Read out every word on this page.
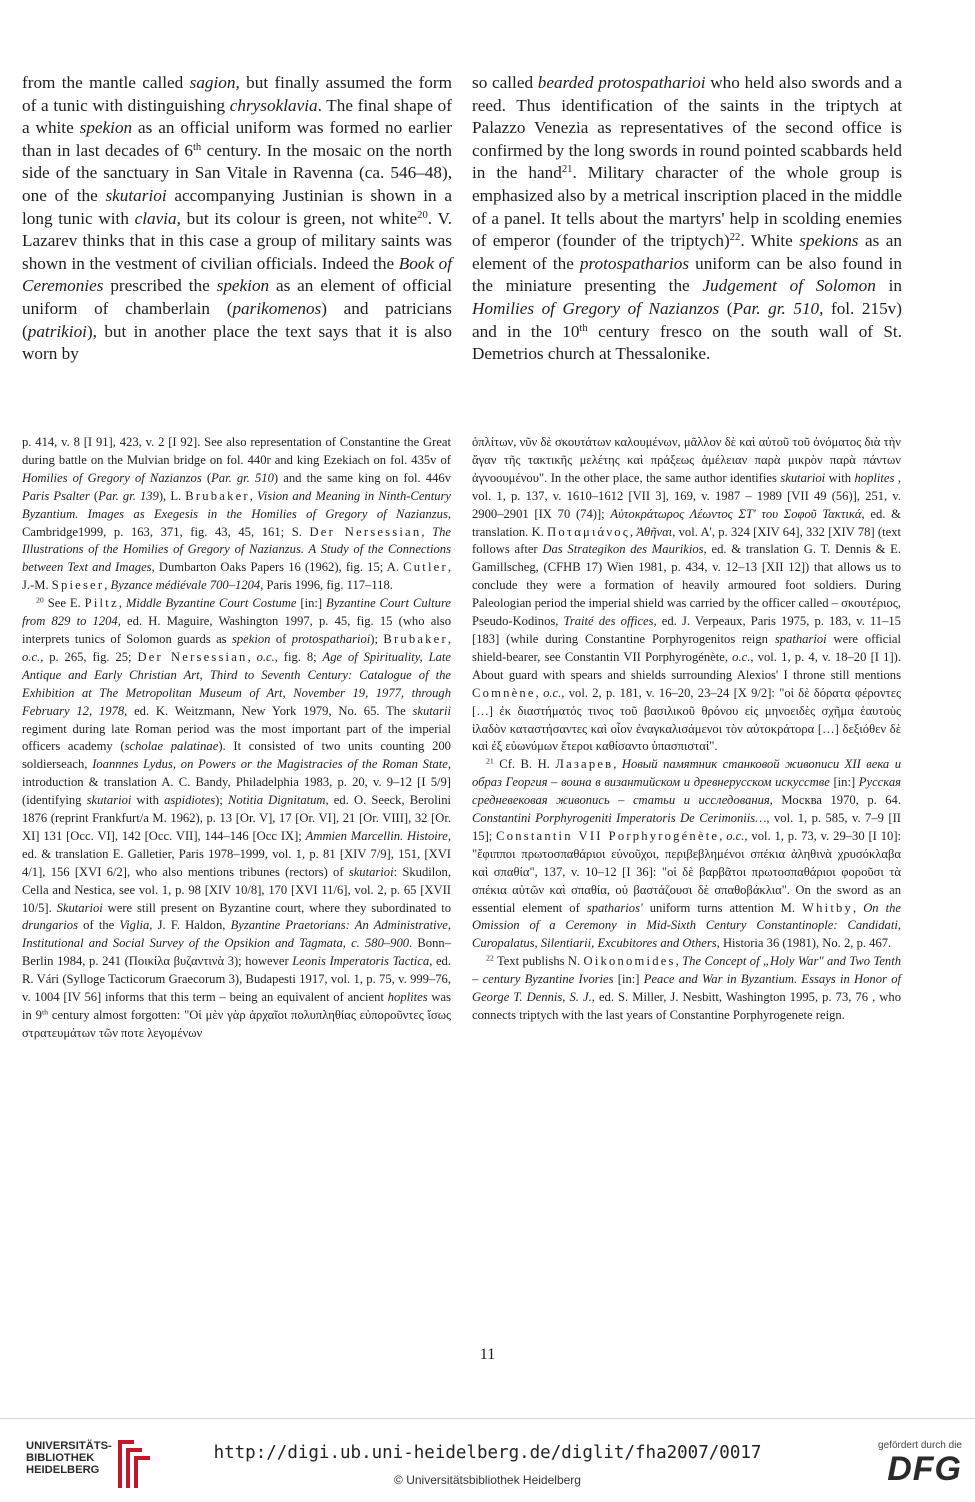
from the mantle called sagion, but finally assumed the form of a tunic with distinguishing chrysoklavia. The final shape of a white spekion as an official uniform was formed no earlier than in last decades of 6th century. In the mosaic on the north side of the sanctuary in San Vitale in Ravenna (ca. 546–48), one of the skutarioi accompanying Justinian is shown in a long tunic with clavia, but its colour is green, not white$^{20}$. V. Lazarev thinks that in this case a group of military saints was shown in the vestment of civilian officials. Indeed the Book of Ceremonies prescribed the spekion as an element of official uniform of chamberlain (parikomenos) and patricians (patrikioi), but in another place the text says that it is also worn by

so called bearded protospatharioi who held also swords and a reed. Thus identification of the saints in the triptych at Palazzo Venezia as representatives of the second office is confirmed by the long swords in round pointed scabbards held in the hand$^{21}$. Military character of the whole group is emphasized also by a metrical inscription placed in the middle of a panel. It tells about the martyrs' help in scolding enemies of emperor (founder of the triptych)$^{22}$. White spekions as an element of the protospatharios uniform can be also found in the miniature presenting the Judgement of Solomon in Homilies of Gregory of Nazianzos (Par. gr. 510, fol. 215v) and in the 10th century fresco on the south wall of St. Demetrios church at Thessalonike.

p. 414, v. 8 [I 91], 423, v. 2 [I 92]. See also representation of Constantine the Great during battle on the Mulvian bridge on fol. 440r and king Ezekiach on fol. 435v of Homilies of Gregory of Nazianzos (Par. gr. 510) and the same king on fol. 446v Paris Psalter (Par. gr. 139), L. Brubaker, Vision and Meaning in Ninth-Century Byzantium. Images as Exegesis in the Homilies of Gregory of Nazianzus, Cambridge1999, p. 163, 371, fig. 43, 45, 161; S. Der Nersessian, The Illustrations of the Homilies of Gregory of Nazianzus. A Study of the Connections between Text and Images, Dumbarton Oaks Papers 16 (1962), fig. 15; A. Cutler, J.-M. Spieser, Byzance médiévale 700–1204, Paris 1996, fig. 117–118.

$^{20}$ See E. Piltz, Middle Byzantine Court Costume [in:] Byzantine Court Culture from 829 to 1204, ed. H. Maguire, Washington 1997, p. 45, fig. 15 (who also interprets tunics of Solomon guards as spekion of protospatharioi); Brubaker, o.c., p. 265, fig. 25; Der Nersessian, o.c., fig. 8; Age of Spirituality, Late Antique and Early Christian Art, Third to Seventh Century: Catalogue of the Exhibition at The Metropolitan Museum of Art, November 19, 1977, through February 12, 1978, ed. K. Weitzmann, New York 1979, No. 65. The skutarii regiment during late Roman period was the most important part of the imperial officers academy (scholae palatinae). It consisted of two units counting 200 soldierseach, Ioannnes Lydus, on Powers or the Magistracies of the Roman State, introduction & translation A. C. Bandy, Philadelphia 1983, p. 20, v. 9–12 [I 5/9] (identifying skutarioi with aspidiotes); Notitia Dignitatum, ed. O. Seeck, Berolini 1876 (reprint Frankfurt/a M. 1962), p. 13 [Or. V], 17 [Or. VI], 21 [Or. VIII], 32 [Or. XI] 131 [Occ. VI], 142 [Occ. VII], 144–146 [Occ IX]; Ammien Marcellin. Histoire, ed. & translation E. Galletier, Paris 1978–1999, vol. 1, p. 81 [XIV 7/9], 151, [XVI 4/1], 156 [XVI 6/2], who also mentions tribunes (rectors) of skutarioi: Skudilon, Cella and Nestica, see vol. 1, p. 98 [XIV 10/8], 170 [XVI 11/6], vol. 2, p. 65 [XVII 10/5]. Skutarioi were still present on Byzantine court, where they subordinated to drungarios of the Viglia, J. F. Haldon, Byzantine Praetorians: An Administrative, Institutional and Social Survey of the Opsikion and Tagmata, c. 580–900. Bonn–Berlin 1984, p. 241 (Ποικίλα βυζαντινὰ 3); however Leonis Imperatoris Tactica, ed. R. Vári (Sylloge Tacticorum Graecorum 3), Budapesti 1917, vol. 1, p. 75, v. 999–76, v. 1004 [IV 56] informs that this term – being an equivalent of ancient hoplites was in 9th century almost forgotten: "Οἱ μὲν γὰρ ἀρχαῖοι πολυπληθίας εὐποροῦντες ἴσως στρατευμάτων τῶν ποτε λεγομένων

ὁπλίτων, νῦν δὲ σκουτάτων καλουμένων, μᾶλλον δὲ καὶ αὐτοῦ τοῦ ὀνόματος διὰ τὴν ἄγαν τῆς τακτικῆς μελέτης καὶ πράξεως ἀμέλειαν παρὰ μικρὸν παρὰ πάντων ἀγνοουμένου". In the other place, the same author identifies skutarioi with hoplites , vol. 1, p. 137, v. 1610–1612 [VII 3], 169, v. 1987 – 1989 [VII 49 (56)], 251, v. 2900–2901 [IX 70 (74)]; Αὐτοκράτωρος Λέωντος ΣΤ' του Σοφοῦ Τακτικά, ed. & translation. K. Ποταμιάνος, Ἀθῆναι, vol. A', p. 324 [XIV 64], 332 [XIV 78] (text follows after Das Strategikon des Maurikios, ed. & translation G. T. Dennis & E. Gamillscheg, (CFHB 17) Wien 1981, p. 434, v. 12–13 [XII 12]) that allows us to conclude they were a formation of heavily armoured foot soldiers. During Paleologian period the imperial shield was carried by the officer called – σκουτέριος, Pseudo-Kodinos, Traité des offices, ed. J. Verpeaux, Paris 1975, p. 183, v. 11–15 [183] (while during Constantine Porphyrogenitos reign spatharioi were official shield-bearer, see Constantin VII Porphyrogénète, o.c., vol. 1, p. 4, v. 18–20 [I 1]). About guard with spears and shields surrounding Alexios' I throne still mentions Comnène, o.c., vol. 2, p. 181, v. 16–20, 23–24 [X 9/2]: "οἱ δὲ δόρατα φέροντες […] ἐκ διαστήματός τινος τοῦ βασιλικοῦ θρόνου εἰς μηνοειδὲς σχῆμα ἑαυτοὺς ἰλαδὸν καταστήσαντες καὶ οἷον ἐναγκαλισάμενοι τὸν αὐτοκράτορα […] δεξιόθεν δὲ καὶ ἐξ εὐωνύμων ἔτεροι καθίσαντο ὑπασπισταί".

$^{21}$ Cf. В. Н. Лазарев, Новый памятник станковой живописи XII века и образ Георгия – воина в византийском и древнерусском искусстве [in:] Русская средневековая живопись – статьи и исследования, Москва 1970, p. 64. Constantini Porphyrogeniti Imperatoris De Cerimoniis…, vol. 1, p. 585, v. 7–9 [II 15]; Constantin VII Porphyrogénète, o.c., vol. 1, p. 73, v. 29–30 [I 10]: "ἔφιπποι πρωτοσπαθάριοι εὐνοῦχοι, περιβεβλημένοι σπέκια ἀληθινὰ χρυσόκλαβα καὶ σπαθία", 137, v. 10–12 [I 36]: "οἱ δὲ βαρβᾶτοι πρωτοσπαθάριοι φοροῦσι τὰ σπέκια αὐτῶν καὶ σπαθία, οὐ βαστάζουσι δὲ σπαθοβάκλια". On the sword as an essential element of spatharios' uniform turns attention M. Whitby, On the Omission of a Ceremony in Mid-Sixth Century Constantinople: Candidati, Curopalatus, Silentiarii, Excubitores and Others, Historia 36 (1981), No. 2, p. 467.

$^{22}$ Text publishs N. Oikonomides, The Concept of „Holy War" and Two Tenth – century Byzantine Ivories [in:] Peace and War in Byzantium. Essays in Honor of George T. Dennis, S. J., ed. S. Miller, J. Nesbitt, Washington 1995, p. 73, 76 , who connects triptych with the last years of Constantine Porphyrogenete reign.

11
UNIVERSITÄTS-
BIBLIOTHEK
HEIDELBERG
http://digi.ub.uni-heidelberg.de/diglit/fha2007/0017
© Universitätsbibliothek Heidelberg
gefördert durch die
DFG
